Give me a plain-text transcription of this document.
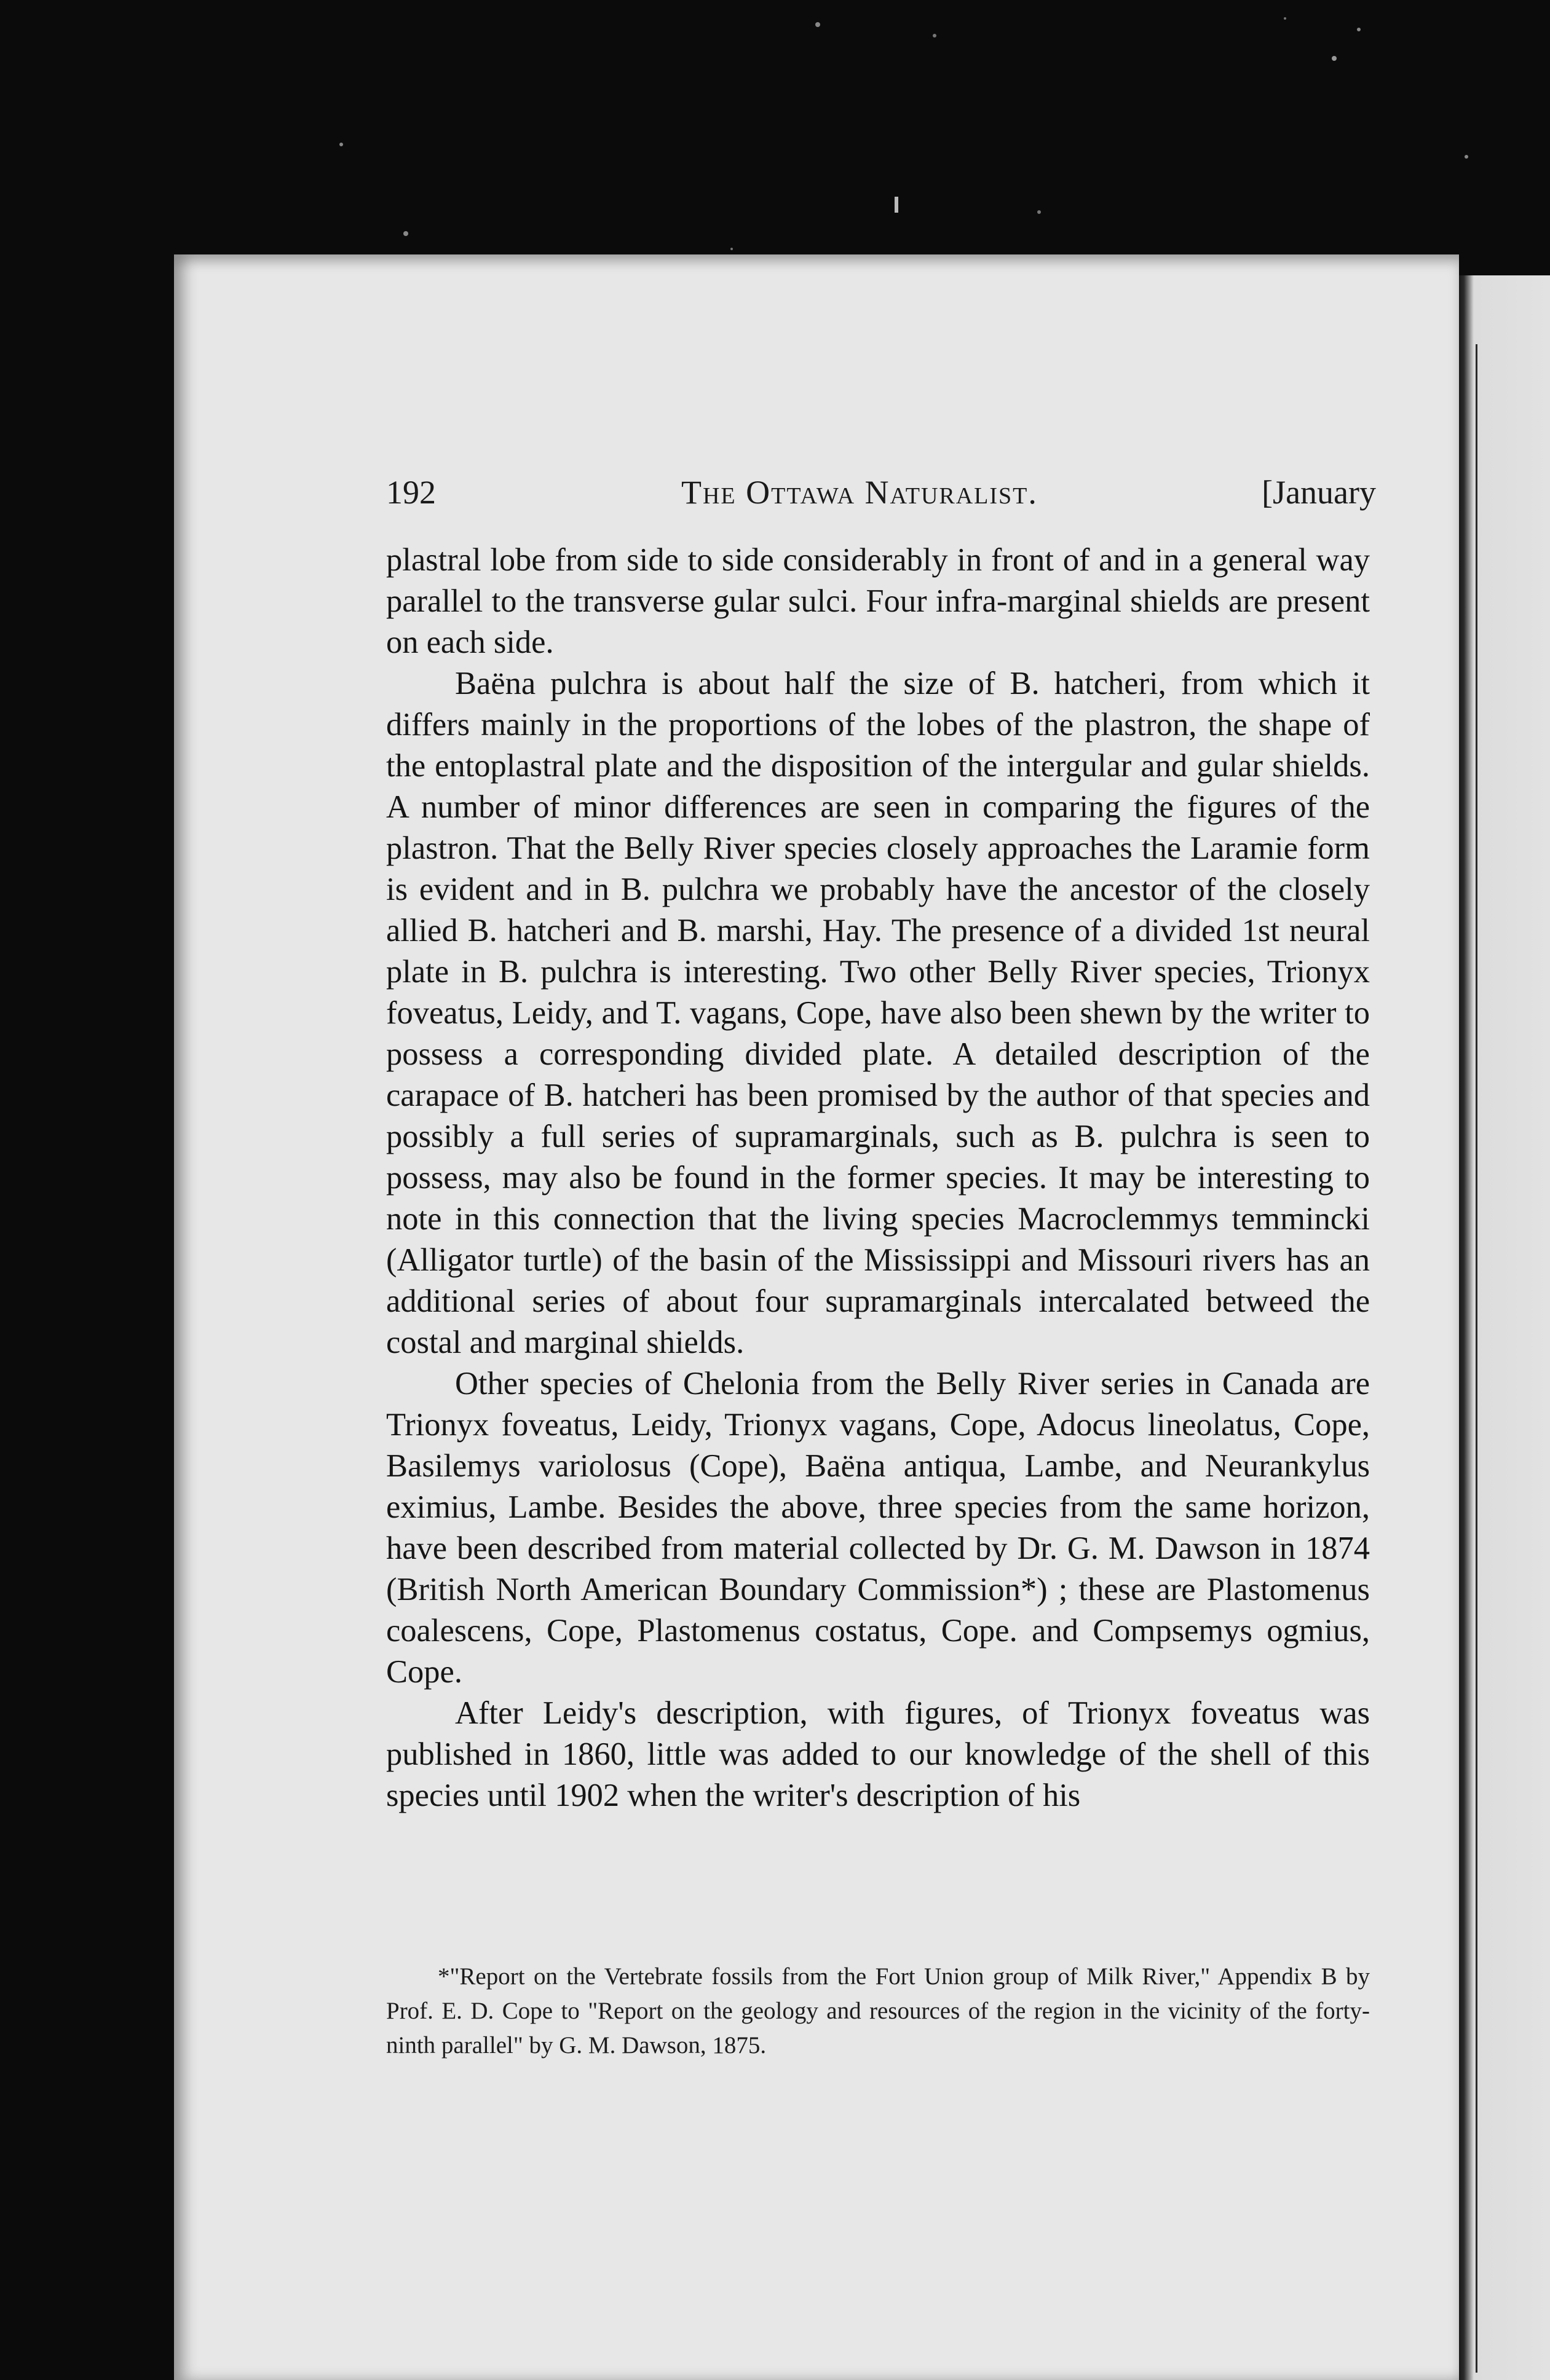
192	The Ottawa Naturalist.	[January

plastral lobe from side to side considerably in front of and in a general way parallel to the transverse gular sulci. Four infra-marginal shields are present on each side.

Baëna pulchra is about half the size of B. hatcheri, from which it differs mainly in the proportions of the lobes of the plastron, the shape of the entoplastral plate and the disposition of the intergular and gular shields. A number of minor differences are seen in comparing the figures of the plastron. That the Belly River species closely approaches the Laramie form is evident and in B. pulchra we probably have the ancestor of the closely allied B. hatcheri and B. marshi, Hay. The presence of a divided 1st neural plate in B. pulchra is interesting. Two other Belly River species, Trionyx foveatus, Leidy, and T. vagans, Cope, have also been shewn by the writer to possess a corresponding divided plate. A detailed description of the carapace of B. hatcheri has been promised by the author of that species and possibly a full series of supramarginals, such as B. pulchra is seen to possess, may also be found in the former species. It may be interesting to note in this connection that the living species Macroclemmys temmincki (Alligator turtle) of the basin of the Mississippi and Missouri rivers has an additional series of about four supramarginals intercalated betweed the costal and marginal shields.

Other species of Chelonia from the Belly River series in Canada are Trionyx foveatus, Leidy, Trionyx vagans, Cope, Adocus lineolatus, Cope, Basilemys variolosus (Cope), Baëna antiqua, Lambe, and Neurankylus eximius, Lambe. Besides the above, three species from the same horizon, have been described from material collected by Dr. G. M. Dawson in 1874 (British North American Boundary Commission*) ; these are Plastomenus coalescens, Cope, Plastomenus costatus, Cope. and Compsemys ogmius, Cope.

After Leidy's description, with figures, of Trionyx foveatus was published in 1860, little was added to our knowledge of the shell of this species until 1902 when the writer's description of his

*"Report on the Vertebrate fossils from the Fort Union group of Milk River," Appendix B by Prof. E. D. Cope to "Report on the geology and resources of the region in the vicinity of the forty-ninth parallel" by G. M. Dawson, 1875.
